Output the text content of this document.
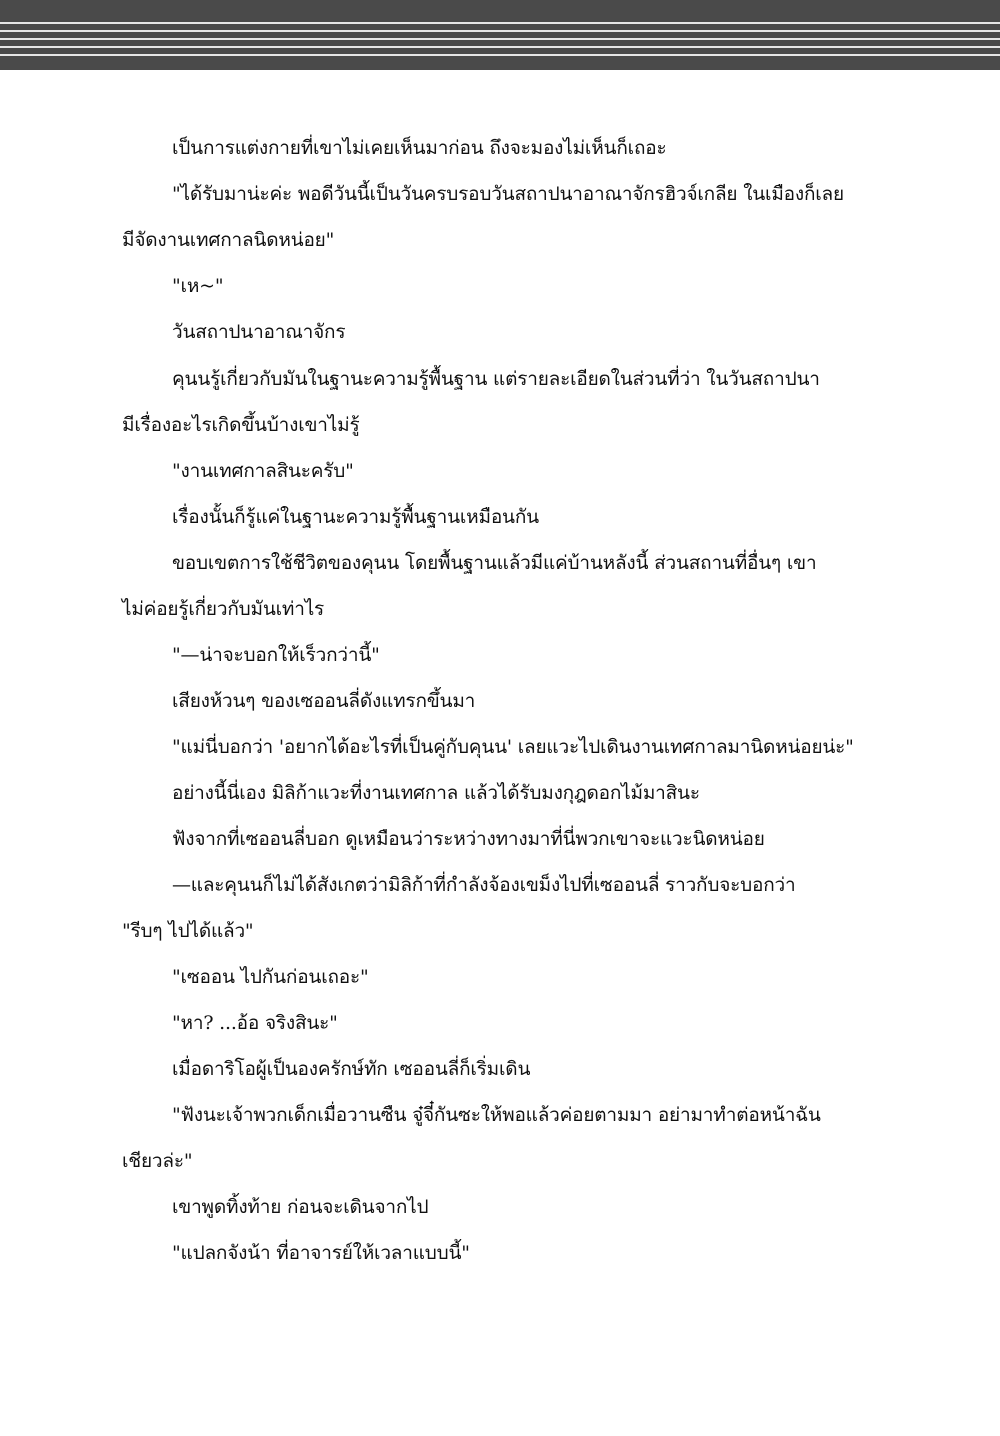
เป็นการแต่งกายที่เขาไม่เคยเห็นมาก่อน ถึงจะมองไม่เห็นก็เถอะ
"ได้รับมาน่ะค่ะ พอดีวันนี้เป็นวันครบรอบวันสถาปนาอาณาจักรฮิวจ์เกลีย ในเมืองก็เลย
มีจัดงานเทศกาลนิดหน่อย"
"เห~"
วันสถาปนาอาณาจักร
คุนนรู้เกี่ยวกับมันในฐานะความรู้พื้นฐาน แต่รายละเอียดในส่วนที่ว่า ในวันสถาปนา
มีเรื่องอะไรเกิดขึ้นบ้างเขาไม่รู้
"งานเทศกาลสินะครับ"
เรื่องนั้นก็รู้แค่ในฐานะความรู้พื้นฐานเหมือนกัน
ขอบเขตการใช้ชีวิตของคุนน โดยพื้นฐานแล้วมีแค่บ้านหลังนี้ ส่วนสถานที่อื่นๆ เขา
ไม่ค่อยรู้เกี่ยวกับมันเท่าไร
"—น่าจะบอกให้เร็วกว่านี้"
เสียงห้วนๆ ของเซออนลี่ดังแทรกขึ้นมา
"แม่นี่บอกว่า 'อยากได้อะไรที่เป็นคู่กับคุนน' เลยแวะไปเดินงานเทศกาลมานิดหน่อยน่ะ"
อย่างนี้นี่เอง มิลิก้าแวะที่งานเทศกาล แล้วได้รับมงกุฎดอกไม้มาสินะ
ฟังจากที่เซออนลี่บอก ดูเหมือนว่าระหว่างทางมาที่นี่พวกเขาจะแวะนิดหน่อย
—และคุนนก็ไม่ได้สังเกตว่ามิลิก้าที่กำลังจ้องเขม็งไปที่เซออนลี่ ราวกับจะบอกว่า
"รีบๆ ไปได้แล้ว"
"เซออน ไปกันก่อนเถอะ"
"หา? ...อ้อ จริงสินะ"
เมื่อดาริโอผู้เป็นองครักษ์ทัก เซออนลี่ก็เริ่มเดิน
"ฟังนะเจ้าพวกเด็กเมื่อวานซืน จู๋จี๋กันซะให้พอแล้วค่อยตามมา อย่ามาทำต่อหน้าฉัน
เชียวล่ะ"
เขาพูดทิ้งท้าย ก่อนจะเดินจากไป
"แปลกจังน้า ที่อาจารย์ให้เวลาแบบนี้"
